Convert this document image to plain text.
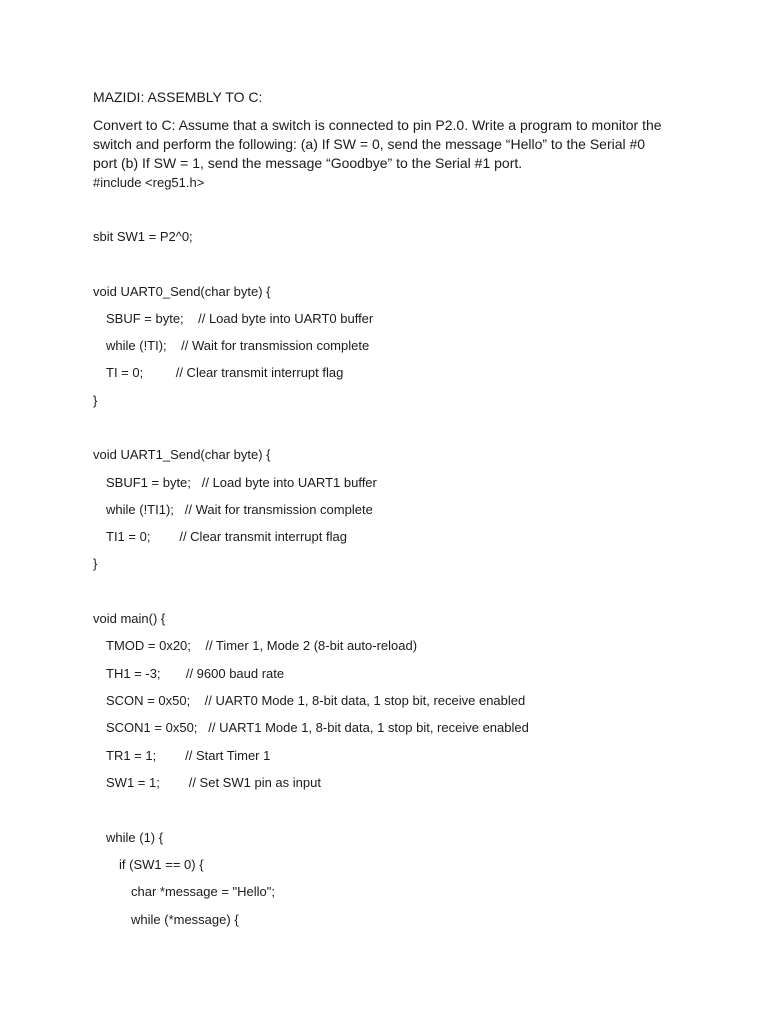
MAZIDI: ASSEMBLY TO C:
Convert to C: Assume that a switch is connected to pin P2.0. Write a program to monitor the
switch and perform the following: (a) If SW = 0, send the message “Hello” to the Serial #0
port (b) If SW = 1, send the message “Goodbye” to the Serial #1 port.
#include <reg51.h>
sbit SW1 = P2^0;
void UART0_Send(char byte) {
SBUF = byte;    // Load byte into UART0 buffer
while (!TI);    // Wait for transmission complete
TI = 0;         // Clear transmit interrupt flag
}
void UART1_Send(char byte) {
SBUF1 = byte;   // Load byte into UART1 buffer
while (!TI1);   // Wait for transmission complete
TI1 = 0;        // Clear transmit interrupt flag
}
void main() {
TMOD = 0x20;    // Timer 1, Mode 2 (8-bit auto-reload)
TH1 = -3;       // 9600 baud rate
SCON = 0x50;    // UART0 Mode 1, 8-bit data, 1 stop bit, receive enabled
SCON1 = 0x50;   // UART1 Mode 1, 8-bit data, 1 stop bit, receive enabled
TR1 = 1;        // Start Timer 1
SW1 = 1;        // Set SW1 pin as input
while (1) {
if (SW1 == 0) {
char *message = "Hello";
while (*message) {
